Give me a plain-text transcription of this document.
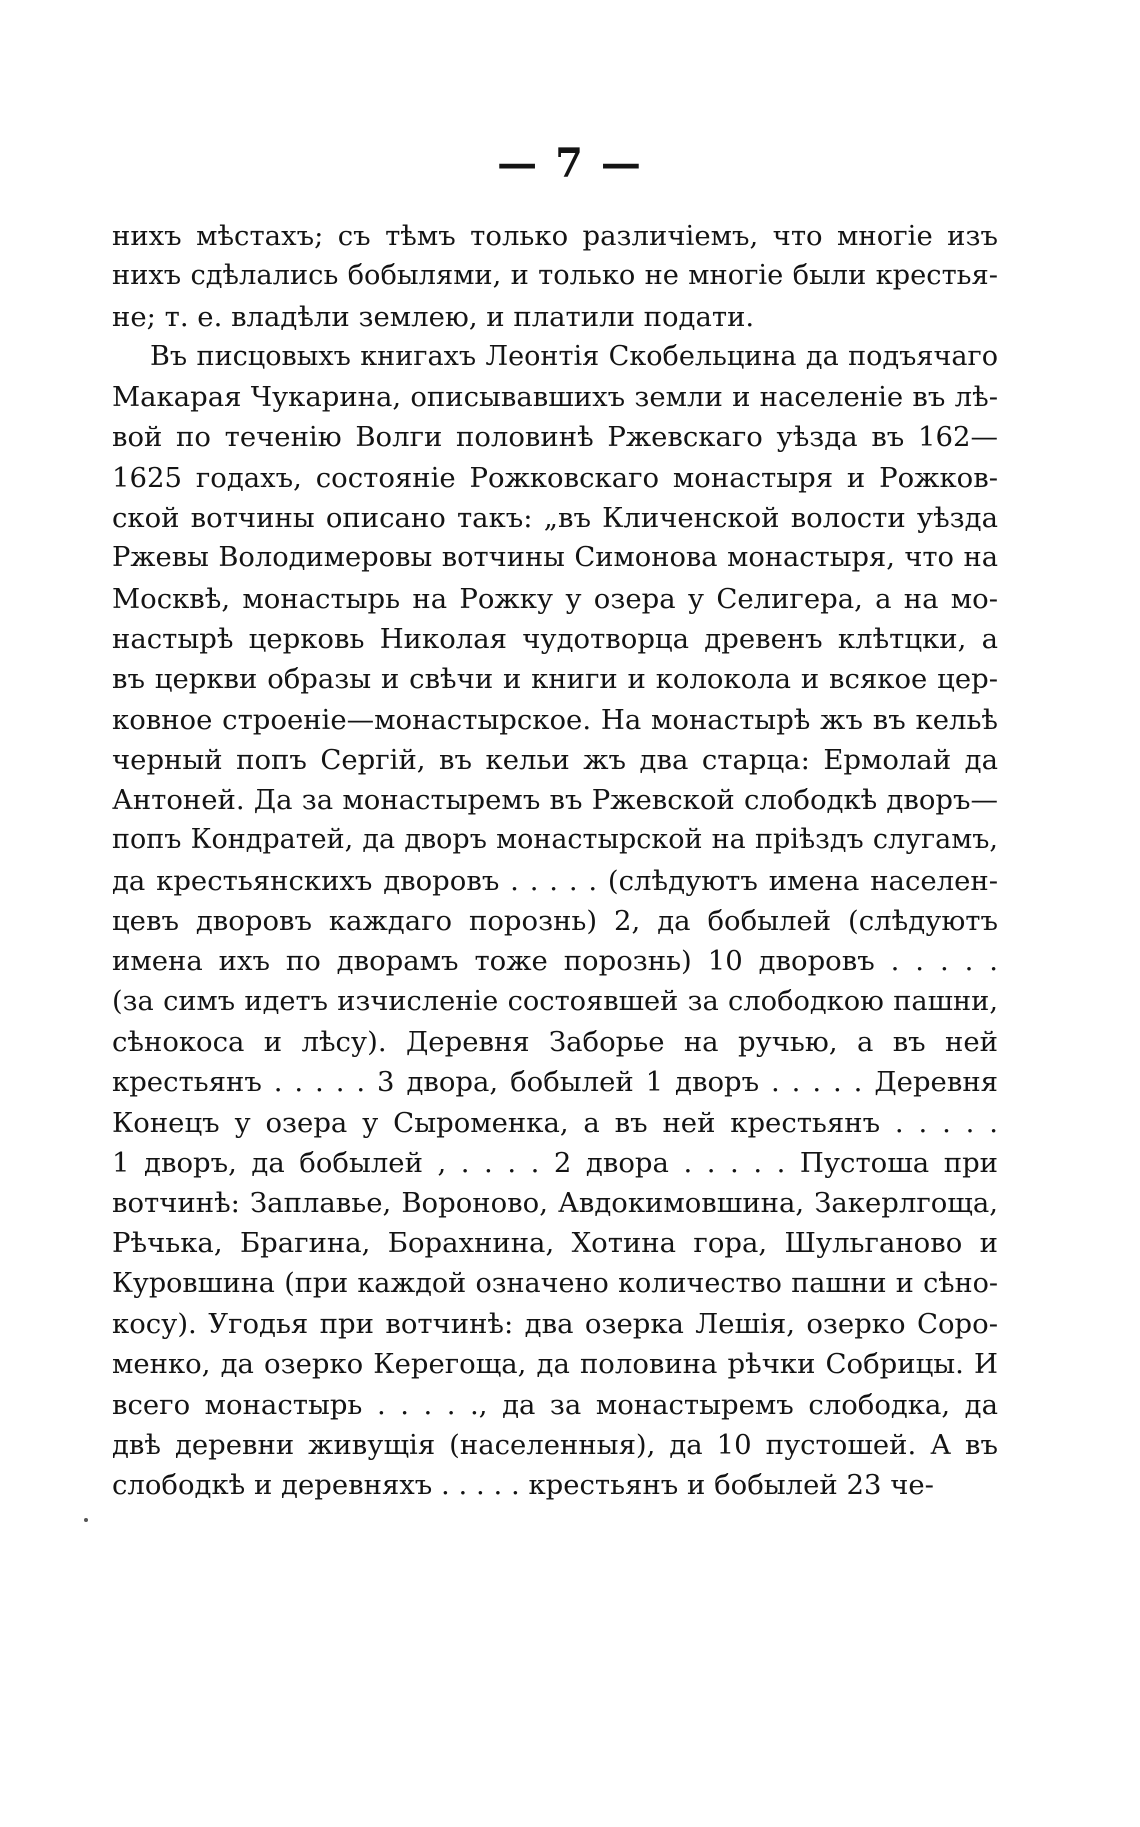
— 7 —
нихъ мѣстахъ; съ тѣмъ только различіемъ, что многіе изъ
нихъ сдѣлались бобылями, и только не многіе были крестья-
не; т. е. владѣли землею, и платили подати.
Въ писцовыхъ книгахъ Леонтія Скобельцина да подъячаго
Макарая Чукарина, описывавшихъ земли и населеніе въ лѣ-
вой по теченію Волги половинѣ Ржевскаго уѣзда въ 162—
1625 годахъ, состояніе Рожковскаго монастыря и Рожков-
ской вотчины описано такъ: „въ Кличенской волости уѣзда
Ржевы Володимеровы вотчины Симонова монастыря, что на
Москвѣ, монастырь на Рожку у озера у Селигера, а на мо-
настырѣ церковь Николая чудотворца древенъ клѣтцки, а
въ церкви образы и свѣчи и книги и колокола и всякое цер-
ковное строеніе—монастырское. На монастырѣ жъ въ кельѣ
черный попъ Сергій, въ кельи жъ два старца: Ермолай да
Антоней. Да за монастыремъ въ Ржевской слободкѣ дворъ—
попъ Кондратей, да дворъ монастырской на пріѣздъ слугамъ,
да крестьянскихъ дворовъ . . . . . (слѣдуютъ имена населен-
цевъ дворовъ каждаго порознь) 2, да бобылей (слѣдуютъ
имена ихъ по дворамъ тоже порознь) 10 дворовъ . . . . .
(за симъ идетъ изчисленіе состоявшей за слободкою пашни,
сѣнокоса и лѣсу). Деревня Заборье на ручью, а въ ней
крестьянъ . . . . . 3 двора, бобылей 1 дворъ . . . . . Деревня
Конецъ у озера у Сыроменка, а въ ней крестьянъ . . . . .
1 дворъ, да бобылей , . . . . 2 двора . . . . . Пустоша при
вотчинѣ: Заплавье, Вороново, Авдокимовшина, Закерлгоща,
Рѣчька, Брагина, Борахнина, Хотина гора, Шульганово и
Куровшина (при каждой означено количество пашни и сѣно-
косу). Угодья при вотчинѣ: два озерка Лешія, озерко Соро-
менко, да озерко Керегоща, да половина рѣчки Собрицы. И
всего монастырь . . . . ., да за монастыремъ слободка, да
двѣ деревни живущія (населенныя), да 10 пустошей. А въ
слободкѣ и деревняхъ . . . . . крестьянъ и бобылей 23 че-
